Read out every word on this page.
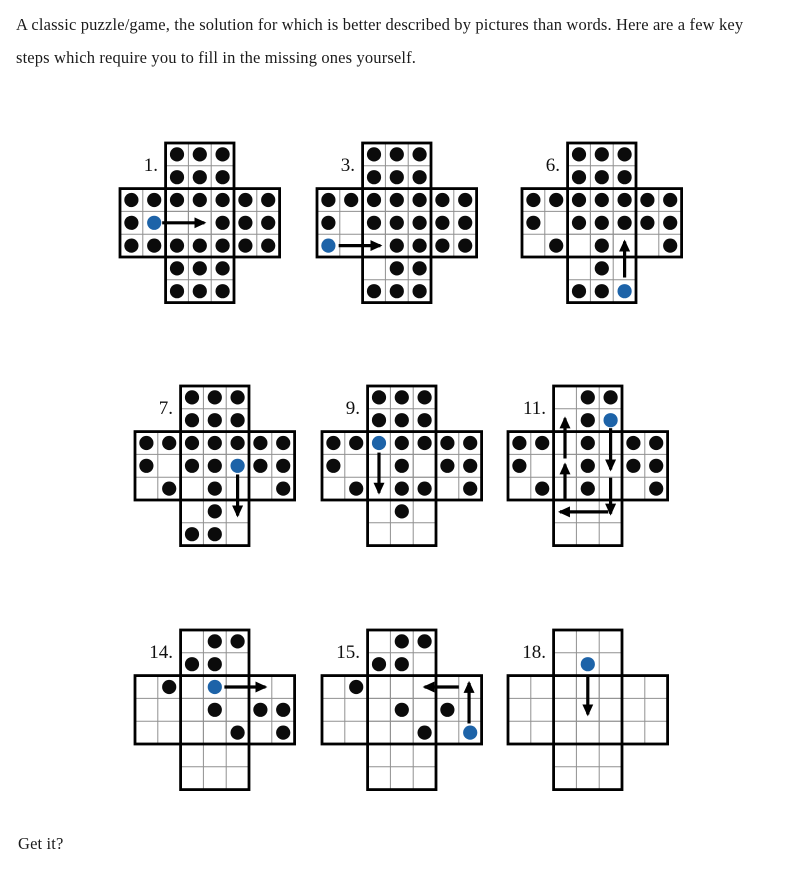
A classic puzzle/game, the solution for which is better described by pictures than words. Here are a few key
steps which require you to fill in the missing ones yourself.
1.	3.	6.
7.	9.	11.
14.	15.	18.
Get it?
